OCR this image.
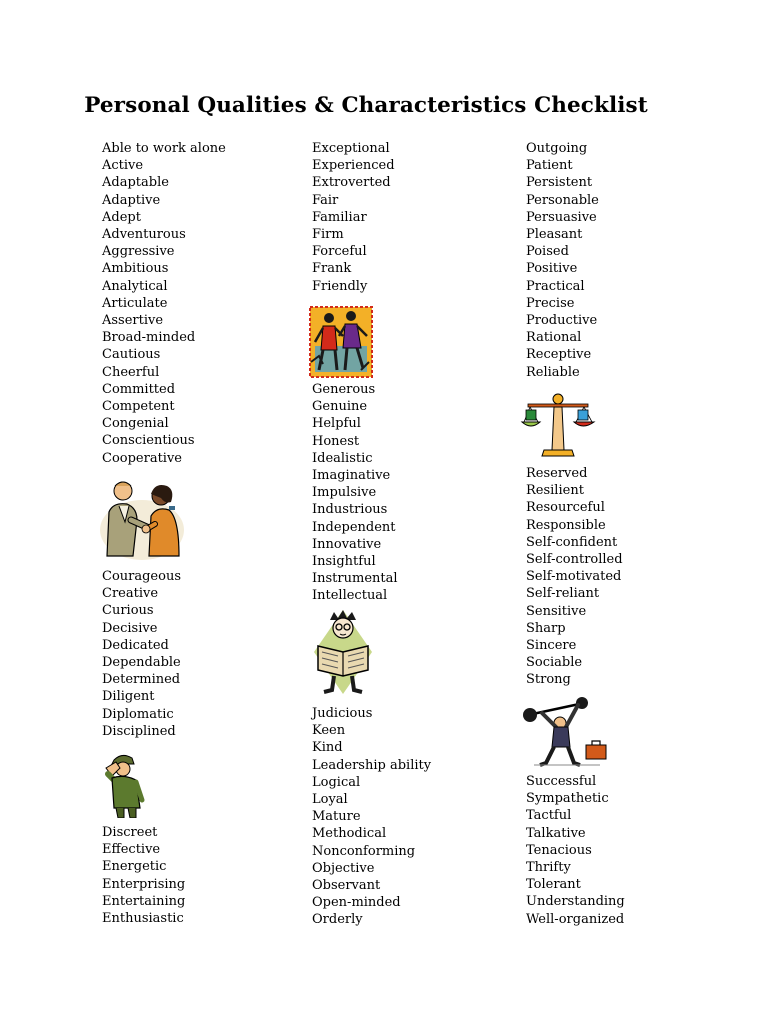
Personal Qualities & Characteristics Checklist
Able to work alone
Active
Adaptable
Adaptive
Adept
Adventurous
Aggressive
Ambitious
Analytical
Articulate
Assertive
Broad-minded
Cautious
Cheerful
Committed
Competent
Congenial
Conscientious
Cooperative
Courageous
Creative
Curious
Decisive
Dedicated
Dependable
Determined
Diligent
Diplomatic
Disciplined
Discreet
Effective
Energetic
Enterprising
Entertaining
Enthusiastic
Exceptional
Experienced
Extroverted
Fair
Familiar
Firm
Forceful
Frank
Friendly
Generous
Genuine
Helpful
Honest
Idealistic
Imaginative
Impulsive
Industrious
Independent
Innovative
Insightful
Instrumental
Intellectual
Judicious
Keen
Kind
Leadership ability
Logical
Loyal
Mature
Methodical
Nonconforming
Objective
Observant
Open-minded
Orderly
Outgoing
Patient
Persistent
Personable
Persuasive
Pleasant
Poised
Positive
Practical
Precise
Productive
Rational
Receptive
Reliable
Reserved
Resilient
Resourceful
Responsible
Self-confident
Self-controlled
Self-motivated
Self-reliant
Sensitive
Sharp
Sincere
Sociable
Strong
Successful
Sympathetic
Tactful
Talkative
Tenacious
Thrifty
Tolerant
Understanding
Well-organized
